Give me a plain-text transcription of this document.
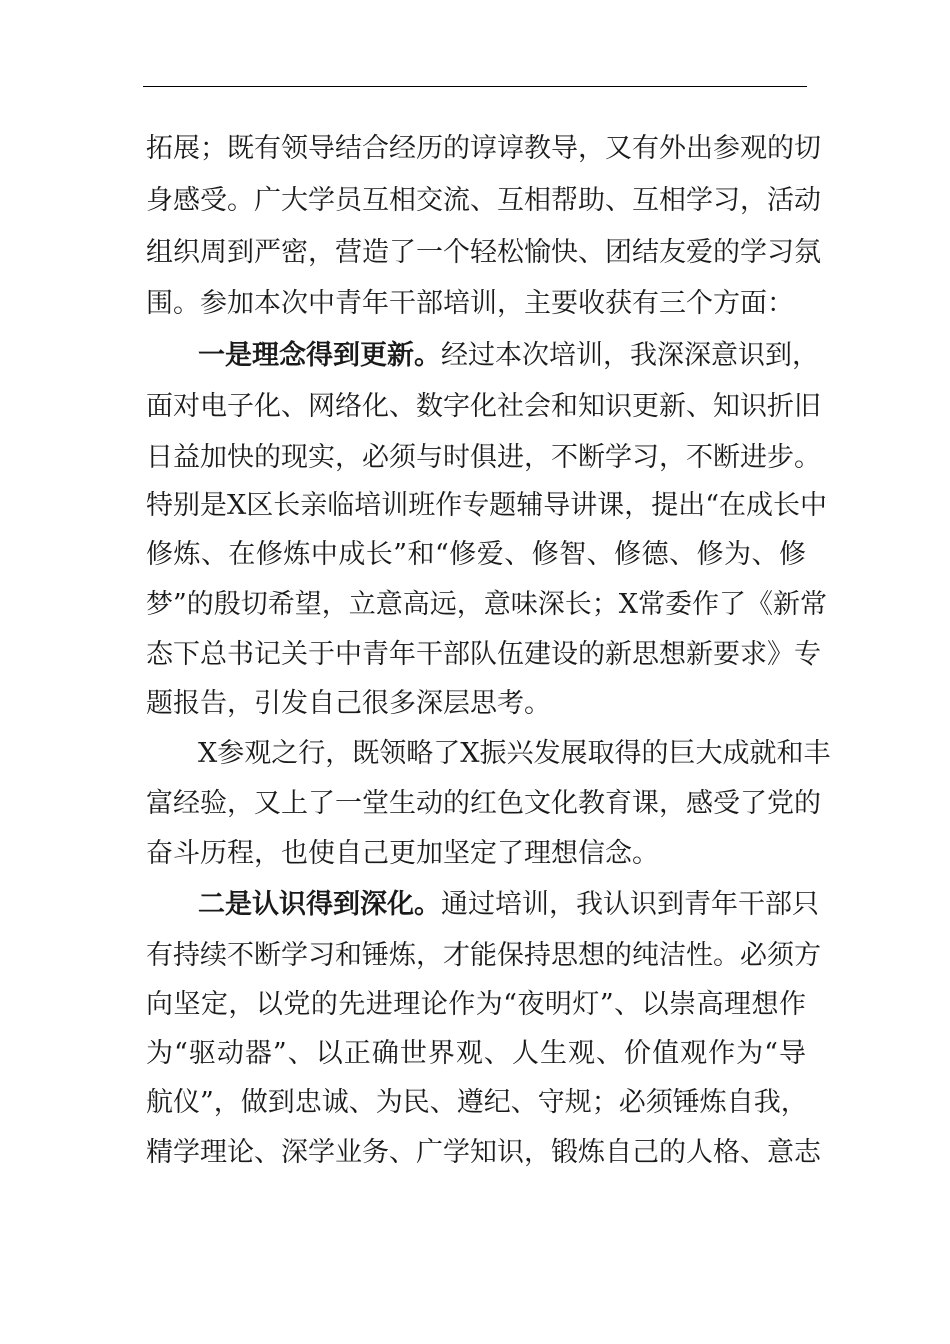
拓展；既有领导结合经历的谆谆教导，又有外出参观的切
身感受。广大学员互相交流、互相帮助、互相学习，活动
组织周到严密，营造了一个轻松愉快、团结友爱的学习氛
围。参加本次中青年干部培训，主要收获有三个方面：
一是理念得到更新。经过本次培训，我深深意识到，
面对电子化、网络化、数字化社会和知识更新、知识折旧
日益加快的现实，必须与时俱进，不断学习，不断进步。
特别是X区长亲临培训班作专题辅导讲课，提出“在成长中
修炼、在修炼中成长”和“修爱、修智、修德、修为、修
梦”的殷切希望，立意高远，意味深长；X常委作了《新常
态下总书记关于中青年干部队伍建设的新思想新要求》专
题报告，引发自己很多深层思考。
X参观之行，既领略了X振兴发展取得的巨大成就和丰
富经验，又上了一堂生动的红色文化教育课，感受了党的
奋斗历程，也使自己更加坚定了理想信念。
二是认识得到深化。通过培训，我认识到青年干部只
有持续不断学习和锤炼，才能保持思想的纯洁性。必须方
向坚定，以党的先进理论作为“夜明灯”、以崇高理想作
为“驱动器”、以正确世界观、人生观、价值观作为“导
航仪”，做到忠诚、为民、遵纪、守规；必须锤炼自我，
精学理论、深学业务、广学知识，锻炼自己的人格、意志
